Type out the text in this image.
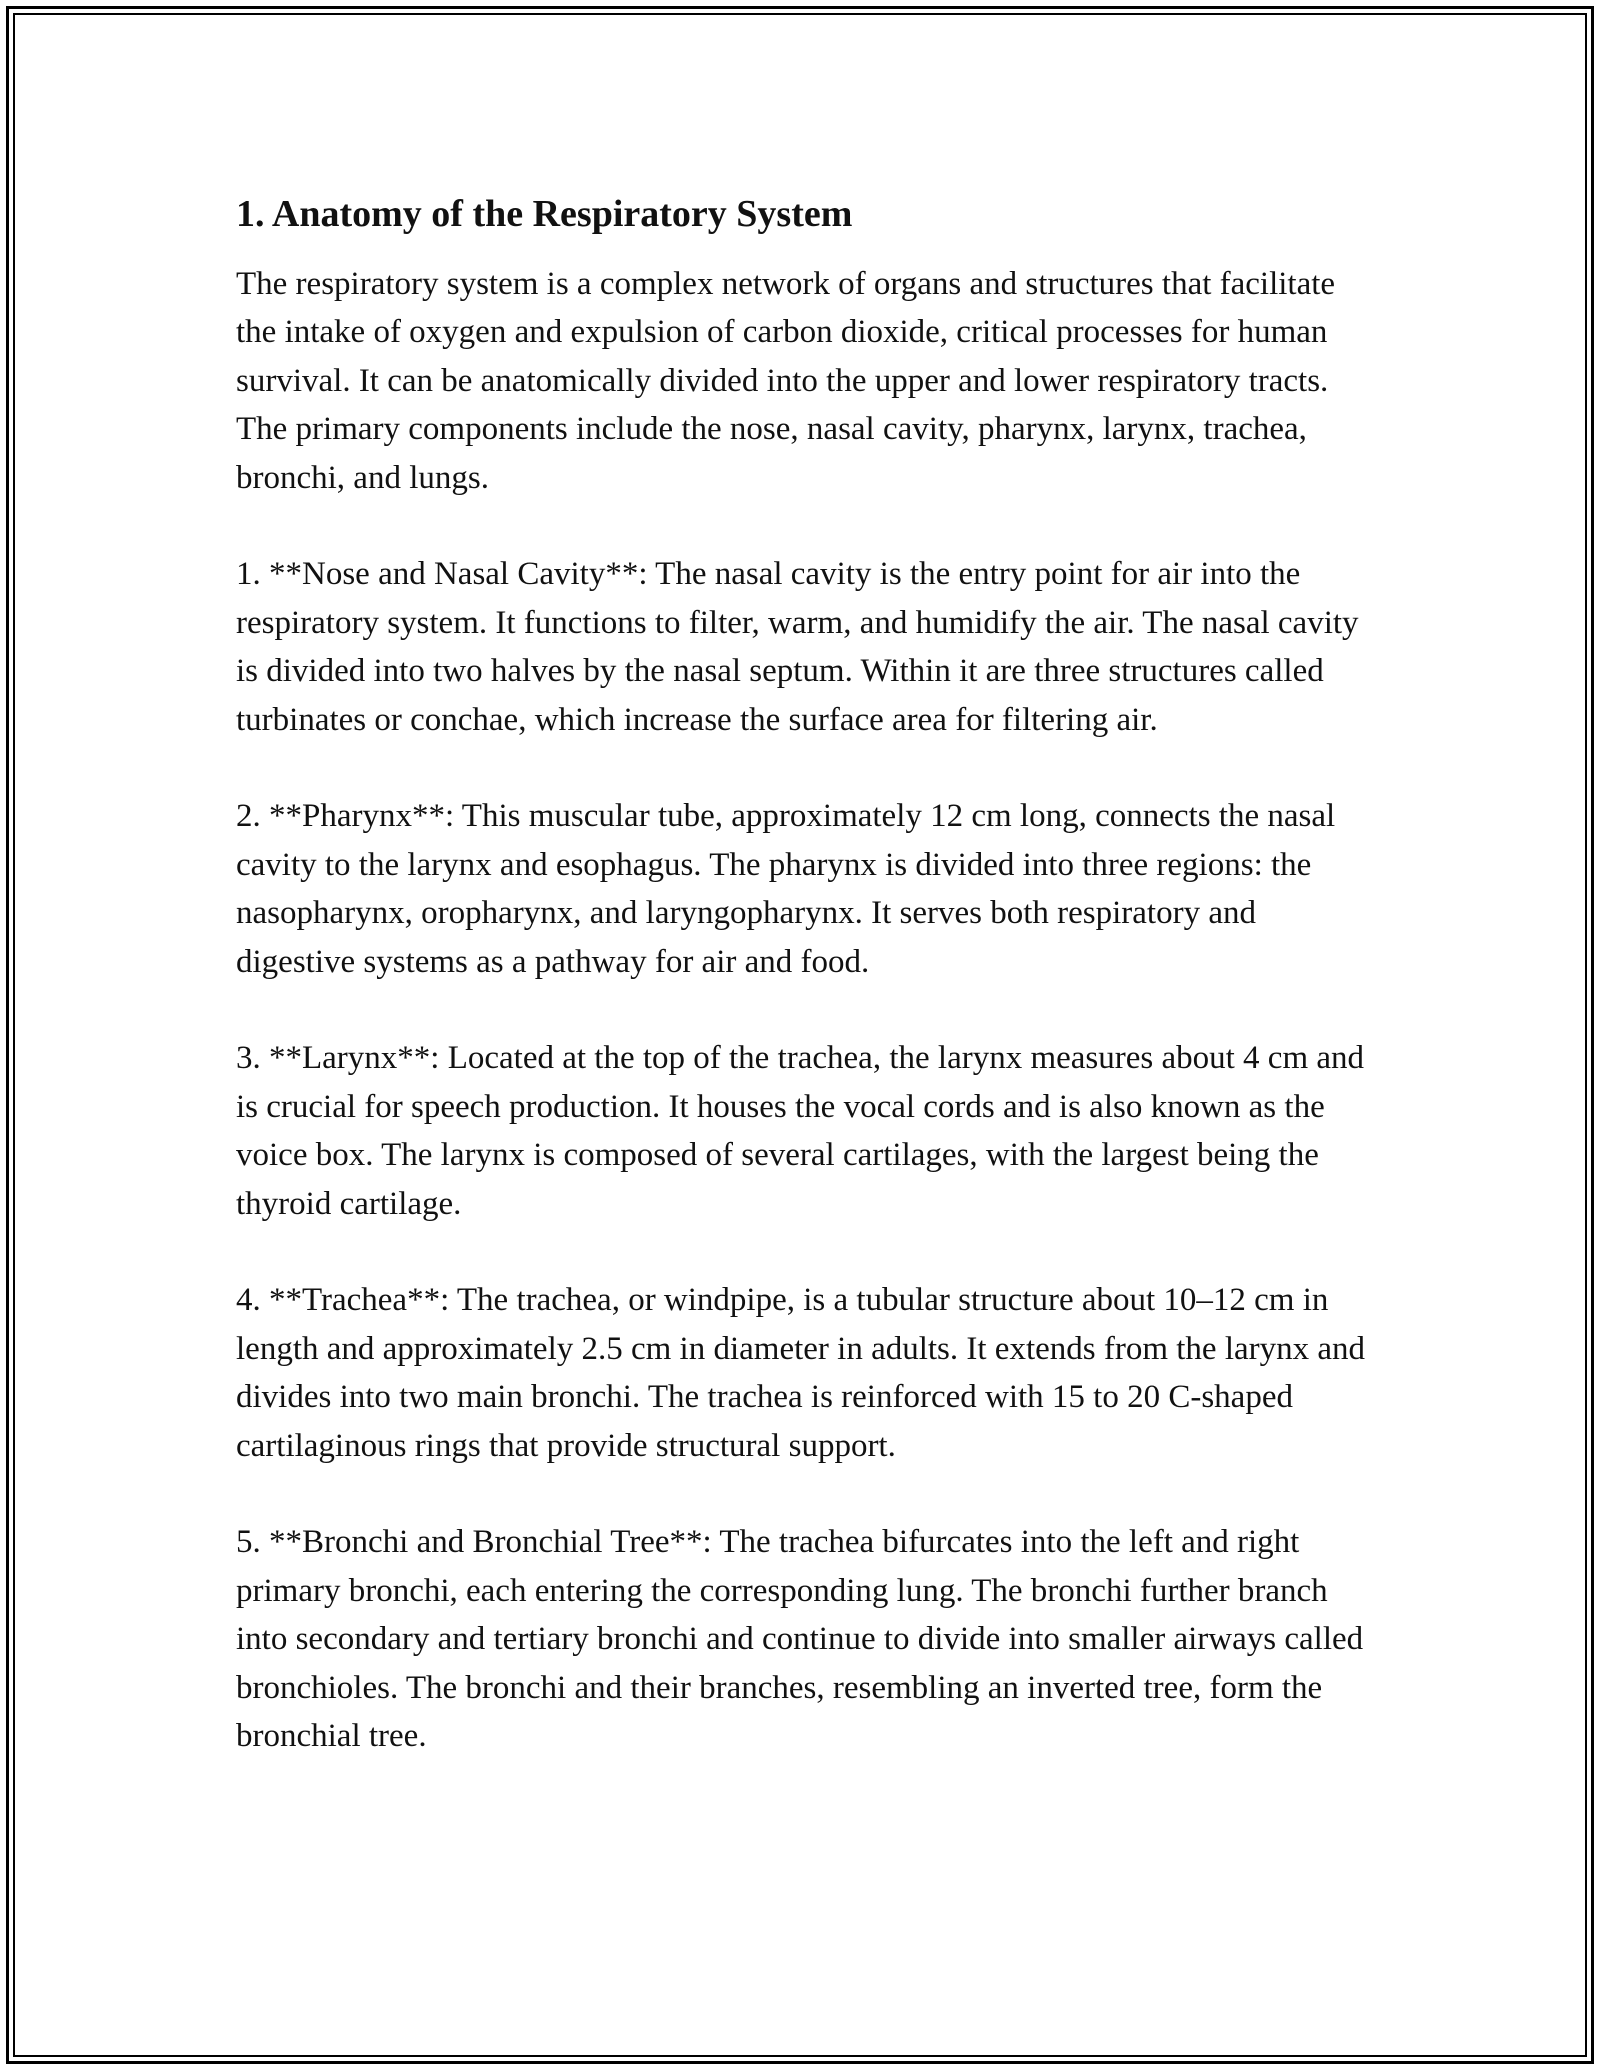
1. Anatomy of the Respiratory System

The respiratory system is a complex network of organs and structures that facilitate the intake of oxygen and expulsion of carbon dioxide, critical processes for human survival. It can be anatomically divided into the upper and lower respiratory tracts. The primary components include the nose, nasal cavity, pharynx, larynx, trachea, bronchi, and lungs.

1. **Nose and Nasal Cavity**: The nasal cavity is the entry point for air into the respiratory system. It functions to filter, warm, and humidify the air. The nasal cavity is divided into two halves by the nasal septum. Within it are three structures called turbinates or conchae, which increase the surface area for filtering air.

2. **Pharynx**: This muscular tube, approximately 12 cm long, connects the nasal cavity to the larynx and esophagus. The pharynx is divided into three regions: the nasopharynx, oropharynx, and laryngopharynx. It serves both respiratory and digestive systems as a pathway for air and food.

3. **Larynx**: Located at the top of the trachea, the larynx measures about 4 cm and is crucial for speech production. It houses the vocal cords and is also known as the voice box. The larynx is composed of several cartilages, with the largest being the thyroid cartilage.

4. **Trachea**: The trachea, or windpipe, is a tubular structure about 10–12 cm in length and approximately 2.5 cm in diameter in adults. It extends from the larynx and divides into two main bronchi. The trachea is reinforced with 15 to 20 C-shaped cartilaginous rings that provide structural support.

5. **Bronchi and Bronchial Tree**: The trachea bifurcates into the left and right primary bronchi, each entering the corresponding lung. The bronchi further branch into secondary and tertiary bronchi and continue to divide into smaller airways called bronchioles. The bronchi and their branches, resembling an inverted tree, form the bronchial tree.
